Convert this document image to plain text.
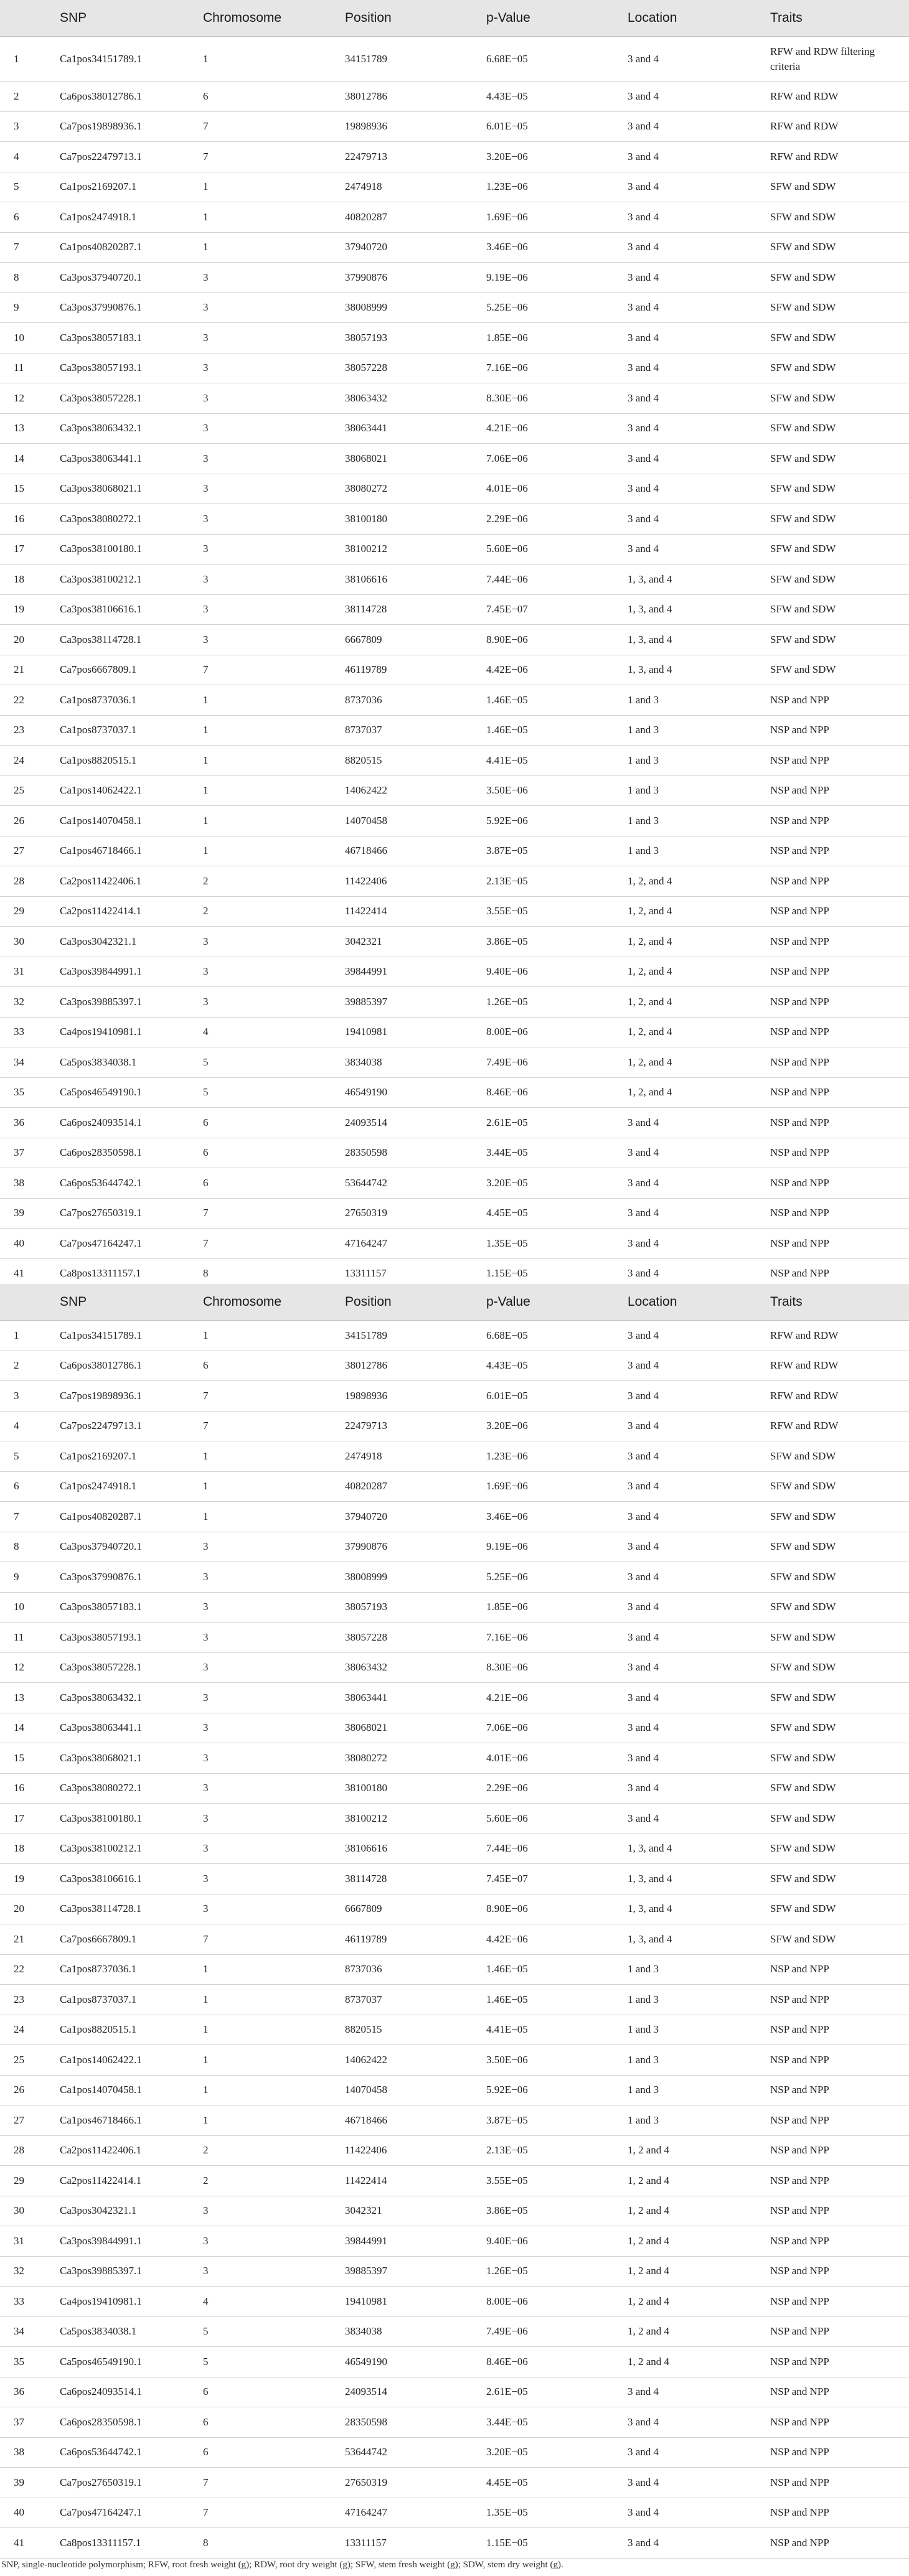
	SNP	Chromosome	Position	p-Value	Location	Traits
1	Ca1pos34151789.1	1	34151789	6.68E−05	3 and 4	RFW and RDW filtering criteria
2	Ca6pos38012786.1	6	38012786	4.43E−05	3 and 4	RFW and RDW
3	Ca7pos19898936.1	7	19898936	6.01E−05	3 and 4	RFW and RDW
4	Ca7pos22479713.1	7	22479713	3.20E−06	3 and 4	RFW and RDW
5	Ca1pos2169207.1	1	2474918	1.23E−06	3 and 4	SFW and SDW
6	Ca1pos2474918.1	1	40820287	1.69E−06	3 and 4	SFW and SDW
7	Ca1pos40820287.1	1	37940720	3.46E−06	3 and 4	SFW and SDW
8	Ca3pos37940720.1	3	37990876	9.19E−06	3 and 4	SFW and SDW
9	Ca3pos37990876.1	3	38008999	5.25E−06	3 and 4	SFW and SDW
10	Ca3pos38057183.1	3	38057193	1.85E−06	3 and 4	SFW and SDW
11	Ca3pos38057193.1	3	38057228	7.16E−06	3 and 4	SFW and SDW
12	Ca3pos38057228.1	3	38063432	8.30E−06	3 and 4	SFW and SDW
13	Ca3pos38063432.1	3	38063441	4.21E−06	3 and 4	SFW and SDW
14	Ca3pos38063441.1	3	38068021	7.06E−06	3 and 4	SFW and SDW
15	Ca3pos38068021.1	3	38080272	4.01E−06	3 and 4	SFW and SDW
16	Ca3pos38080272.1	3	38100180	2.29E−06	3 and 4	SFW and SDW
17	Ca3pos38100180.1	3	38100212	5.60E−06	3 and 4	SFW and SDW
18	Ca3pos38100212.1	3	38106616	7.44E−06	1, 3, and 4	SFW and SDW
19	Ca3pos38106616.1	3	38114728	7.45E−07	1, 3, and 4	SFW and SDW
20	Ca3pos38114728.1	3	6667809	8.90E−06	1, 3, and 4	SFW and SDW
21	Ca7pos6667809.1	7	46119789	4.42E−06	1, 3, and 4	SFW and SDW
22	Ca1pos8737036.1	1	8737036	1.46E−05	1 and 3	NSP and NPP
23	Ca1pos8737037.1	1	8737037	1.46E−05	1 and 3	NSP and NPP
24	Ca1pos8820515.1	1	8820515	4.41E−05	1 and 3	NSP and NPP
25	Ca1pos14062422.1	1	14062422	3.50E−06	1 and 3	NSP and NPP
26	Ca1pos14070458.1	1	14070458	5.92E−06	1 and 3	NSP and NPP
27	Ca1pos46718466.1	1	46718466	3.87E−05	1 and 3	NSP and NPP
28	Ca2pos11422406.1	2	11422406	2.13E−05	1, 2, and 4	NSP and NPP
29	Ca2pos11422414.1	2	11422414	3.55E−05	1, 2, and 4	NSP and NPP
30	Ca3pos3042321.1	3	3042321	3.86E−05	1, 2, and 4	NSP and NPP
31	Ca3pos39844991.1	3	39844991	9.40E−06	1, 2, and 4	NSP and NPP
32	Ca3pos39885397.1	3	39885397	1.26E−05	1, 2, and 4	NSP and NPP
33	Ca4pos19410981.1	4	19410981	8.00E−06	1, 2, and 4	NSP and NPP
34	Ca5pos3834038.1	5	3834038	7.49E−06	1, 2, and 4	NSP and NPP
35	Ca5pos46549190.1	5	46549190	8.46E−06	1, 2, and 4	NSP and NPP
36	Ca6pos24093514.1	6	24093514	2.61E−05	3 and 4	NSP and NPP
37	Ca6pos28350598.1	6	28350598	3.44E−05	3 and 4	NSP and NPP
38	Ca6pos53644742.1	6	53644742	3.20E−05	3 and 4	NSP and NPP
39	Ca7pos27650319.1	7	27650319	4.45E−05	3 and 4	NSP and NPP
40	Ca7pos47164247.1	7	47164247	1.35E−05	3 and 4	NSP and NPP
41	Ca8pos13311157.1	8	13311157	1.15E−05	3 and 4	NSP and NPP
	SNP	Chromosome	Position	p-Value	Location	Traits
1	Ca1pos34151789.1	1	34151789	6.68E−05	3 and 4	RFW and RDW
2	Ca6pos38012786.1	6	38012786	4.43E−05	3 and 4	RFW and RDW
3	Ca7pos19898936.1	7	19898936	6.01E−05	3 and 4	RFW and RDW
4	Ca7pos22479713.1	7	22479713	3.20E−06	3 and 4	RFW and RDW
5	Ca1pos2169207.1	1	2474918	1.23E−06	3 and 4	SFW and SDW
6	Ca1pos2474918.1	1	40820287	1.69E−06	3 and 4	SFW and SDW
7	Ca1pos40820287.1	1	37940720	3.46E−06	3 and 4	SFW and SDW
8	Ca3pos37940720.1	3	37990876	9.19E−06	3 and 4	SFW and SDW
9	Ca3pos37990876.1	3	38008999	5.25E−06	3 and 4	SFW and SDW
10	Ca3pos38057183.1	3	38057193	1.85E−06	3 and 4	SFW and SDW
11	Ca3pos38057193.1	3	38057228	7.16E−06	3 and 4	SFW and SDW
12	Ca3pos38057228.1	3	38063432	8.30E−06	3 and 4	SFW and SDW
13	Ca3pos38063432.1	3	38063441	4.21E−06	3 and 4	SFW and SDW
14	Ca3pos38063441.1	3	38068021	7.06E−06	3 and 4	SFW and SDW
15	Ca3pos38068021.1	3	38080272	4.01E−06	3 and 4	SFW and SDW
16	Ca3pos38080272.1	3	38100180	2.29E−06	3 and 4	SFW and SDW
17	Ca3pos38100180.1	3	38100212	5.60E−06	3 and 4	SFW and SDW
18	Ca3pos38100212.1	3	38106616	7.44E−06	1, 3, and 4	SFW and SDW
19	Ca3pos38106616.1	3	38114728	7.45E−07	1, 3, and 4	SFW and SDW
20	Ca3pos38114728.1	3	6667809	8.90E−06	1, 3, and 4	SFW and SDW
21	Ca7pos6667809.1	7	46119789	4.42E−06	1, 3, and 4	SFW and SDW
22	Ca1pos8737036.1	1	8737036	1.46E−05	1 and 3	NSP and NPP
23	Ca1pos8737037.1	1	8737037	1.46E−05	1 and 3	NSP and NPP
24	Ca1pos8820515.1	1	8820515	4.41E−05	1 and 3	NSP and NPP
25	Ca1pos14062422.1	1	14062422	3.50E−06	1 and 3	NSP and NPP
26	Ca1pos14070458.1	1	14070458	5.92E−06	1 and 3	NSP and NPP
27	Ca1pos46718466.1	1	46718466	3.87E−05	1 and 3	NSP and NPP
28	Ca2pos11422406.1	2	11422406	2.13E−05	1, 2 and 4	NSP and NPP
29	Ca2pos11422414.1	2	11422414	3.55E−05	1, 2 and 4	NSP and NPP
30	Ca3pos3042321.1	3	3042321	3.86E−05	1, 2 and 4	NSP and NPP
31	Ca3pos39844991.1	3	39844991	9.40E−06	1, 2 and 4	NSP and NPP
32	Ca3pos39885397.1	3	39885397	1.26E−05	1, 2 and 4	NSP and NPP
33	Ca4pos19410981.1	4	19410981	8.00E−06	1, 2 and 4	NSP and NPP
34	Ca5pos3834038.1	5	3834038	7.49E−06	1, 2 and 4	NSP and NPP
35	Ca5pos46549190.1	5	46549190	8.46E−06	1, 2 and 4	NSP and NPP
36	Ca6pos24093514.1	6	24093514	2.61E−05	3 and 4	NSP and NPP
37	Ca6pos28350598.1	6	28350598	3.44E−05	3 and 4	NSP and NPP
38	Ca6pos53644742.1	6	53644742	3.20E−05	3 and 4	NSP and NPP
39	Ca7pos27650319.1	7	27650319	4.45E−05	3 and 4	NSP and NPP
40	Ca7pos47164247.1	7	47164247	1.35E−05	3 and 4	NSP and NPP
41	Ca8pos13311157.1	8	13311157	1.15E−05	3 and 4	NSP and NPP
SNP, single-nucleotide polymorphism; RFW, root fresh weight (g); RDW, root dry weight (g); SFW, stem fresh weight (g); SDW, stem dry weight (g).
